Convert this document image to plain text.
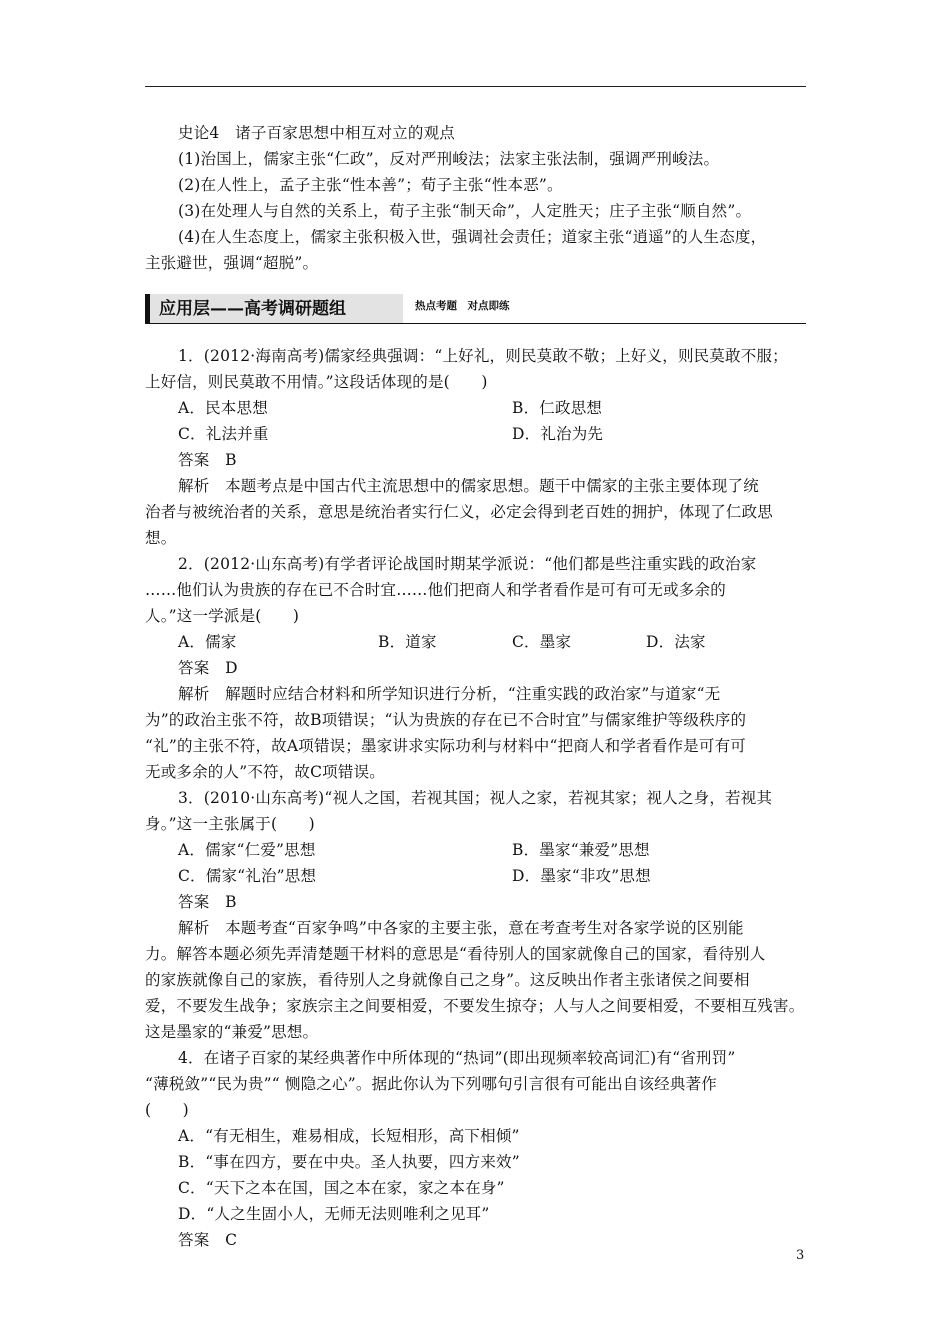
应用层——高考调研题组	热点考题　对点即练
史论4　诸子百家思想中相互对立的观点
(1)治国上，儒家主张“仁政”，反对严刑峻法；法家主张法制，强调严刑峻法。
(2)在人性上，孟子主张“性本善”；荀子主张“性本恶”。
(3)在处理人与自然的关系上，荀子主张“制天命”，人定胜天；庄子主张“顺自然”。
(4)在人生态度上，儒家主张积极入世，强调社会责任；道家主张“逍遥”的人生态度，
主张避世，强调“超脱”。
1．(2012·海南高考)儒家经典强调：“上好礼，则民莫敢不敬；上好义，则民莫敢不服；
上好信，则民莫敢不用情。”这段话体现的是(　　)
A．民本思想	B．仁政思想
C．礼法并重	D．礼治为先
答案　B
解析　本题考点是中国古代主流思想中的儒家思想。题干中儒家的主张主要体现了统
治者与被统治者的关系，意思是统治者实行仁义，必定会得到老百姓的拥护，体现了仁政思
想。
2．(2012·山东高考)有学者评论战国时期某学派说：“他们都是些注重实践的政治家
……他们认为贵族的存在已不合时宜……他们把商人和学者看作是可有可无或多余的
人。”这一学派是(　　)
A．儒家	B．道家	C．墨家	D．法家
答案　D
解析　解题时应结合材料和所学知识进行分析，“注重实践的政治家”与道家“无
为”的政治主张不符，故B项错误；“认为贵族的存在已不合时宜”与儒家维护等级秩序的
“礼”的主张不符，故A项错误；墨家讲求实际功利与材料中“把商人和学者看作是可有可
无或多余的人”不符，故C项错误。
3．(2010·山东高考)“视人之国，若视其国；视人之家，若视其家；视人之身，若视其
身。”这一主张属于(　　)
A．儒家“仁爱”思想	B．墨家“兼爱”思想
C．儒家“礼治”思想	D．墨家“非攻”思想
答案　B
解析　本题考查“百家争鸣”中各家的主要主张，意在考查考生对各家学说的区别能
力。解答本题必须先弄清楚题干材料的意思是“看待别人的国家就像自己的国家，看待别人
的家族就像自己的家族，看待别人之身就像自己之身”。这反映出作者主张诸侯之间要相
爱，不要发生战争；家族宗主之间要相爱，不要发生掠夺；人与人之间要相爱，不要相互残害。
这是墨家的“兼爱”思想。
4．在诸子百家的某经典著作中所体现的“热词”(即出现频率较高词汇)有“省刑罚”
“薄税敛”“民为贵”“ 恻隐之心”。据此你认为下列哪句引言很有可能出自该经典著作
(　　)
A．“有无相生，难易相成，长短相形，高下相倾”
B．“事在四方，要在中央。圣人执要，四方来效”
C．“天下之本在国，国之本在家，家之本在身”
D．“人之生固小人，无师无法则唯利之见耳”
答案　C
3
